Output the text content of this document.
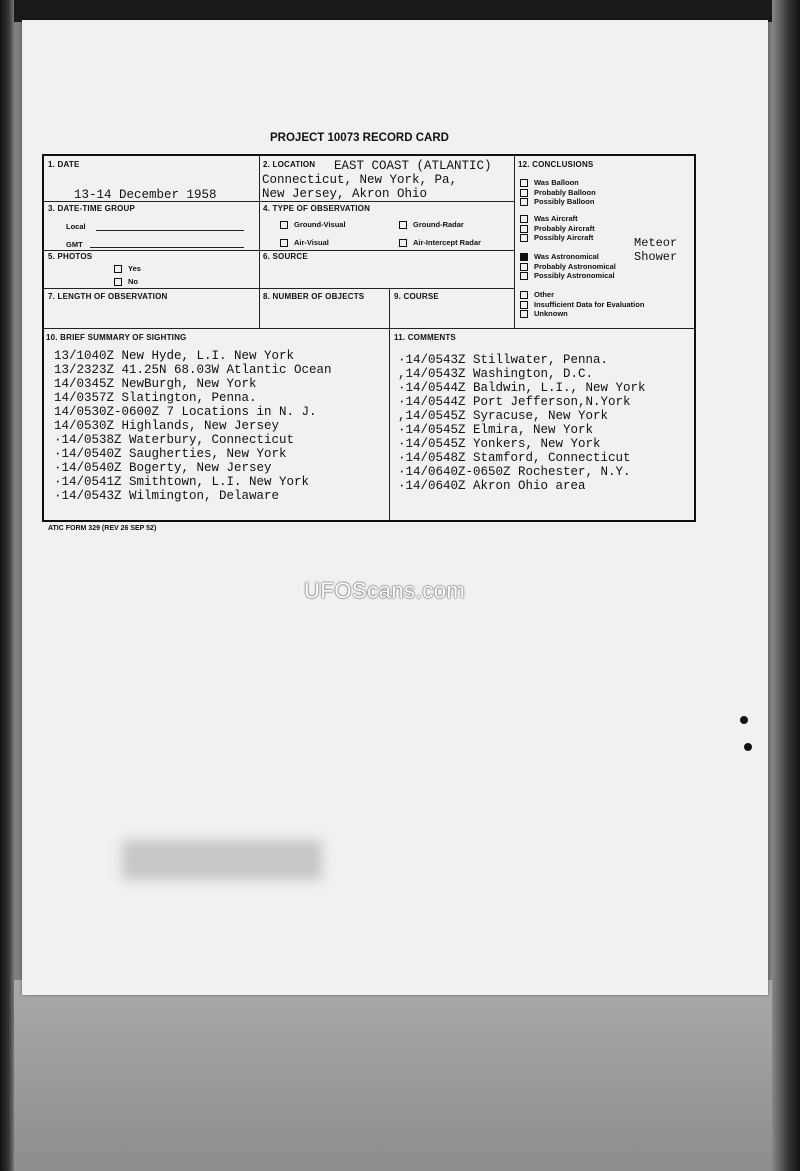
PROJECT 10073 RECORD CARD
1. DATE
13-14 December 1958
2. LOCATION EAST COAST (ATLANTIC)
Connecticut, New York, Pa,
New Jersey, Akron Ohio
3. DATE-TIME GROUP
Local
GMT
4. TYPE OF OBSERVATION
Ground-Visual	Ground-Radar
Air-Visual	Air-Intercept Radar
5. PHOTOS
Yes
No
6. SOURCE
7. LENGTH OF OBSERVATION	8. NUMBER OF OBJECTS	9. COURSE
12. CONCLUSIONS
Was Balloon
Probably Balloon
Possibly Balloon
Was Aircraft
Probably Aircraft
Possibly Aircraft	Meteor
Shower
Was Astronomical
Probably Astronomical
Possibly Astronomical
Other
Insufficient Data for Evaluation
Unknown
10. BRIEF SUMMARY OF SIGHTING
13/1040Z New Hyde, L.I. New York
13/2323Z 41.25N 68.03W Atlantic Ocean
14/0345Z NewBurgh, New York
14/0357Z Slatington, Penna.
14/0530Z-0600Z 7 Locations in N. J.
14/0530Z Highlands, New Jersey
·14/0538Z Waterbury, Connecticut
·14/0540Z Saugherties, New York
·14/0540Z Bogerty, New Jersey
·14/0541Z Smithtown, L.I. New York
·14/0543Z Wilmington, Delaware
11. COMMENTS
·14/0543Z Stillwater, Penna.
,14/0543Z Washington, D.C.
·14/0544Z Baldwin, L.I., New York
·14/0544Z Port Jefferson,N.York
,14/0545Z Syracuse, New York
·14/0545Z Elmira, New York
·14/0545Z Yonkers, New York
·14/0548Z Stamford, Connecticut
·14/0640Z-0650Z Rochester, N.Y.
·14/0640Z Akron Ohio area
ATIC FORM 329 (REV 26 SEP 52)
UFOScans.com
